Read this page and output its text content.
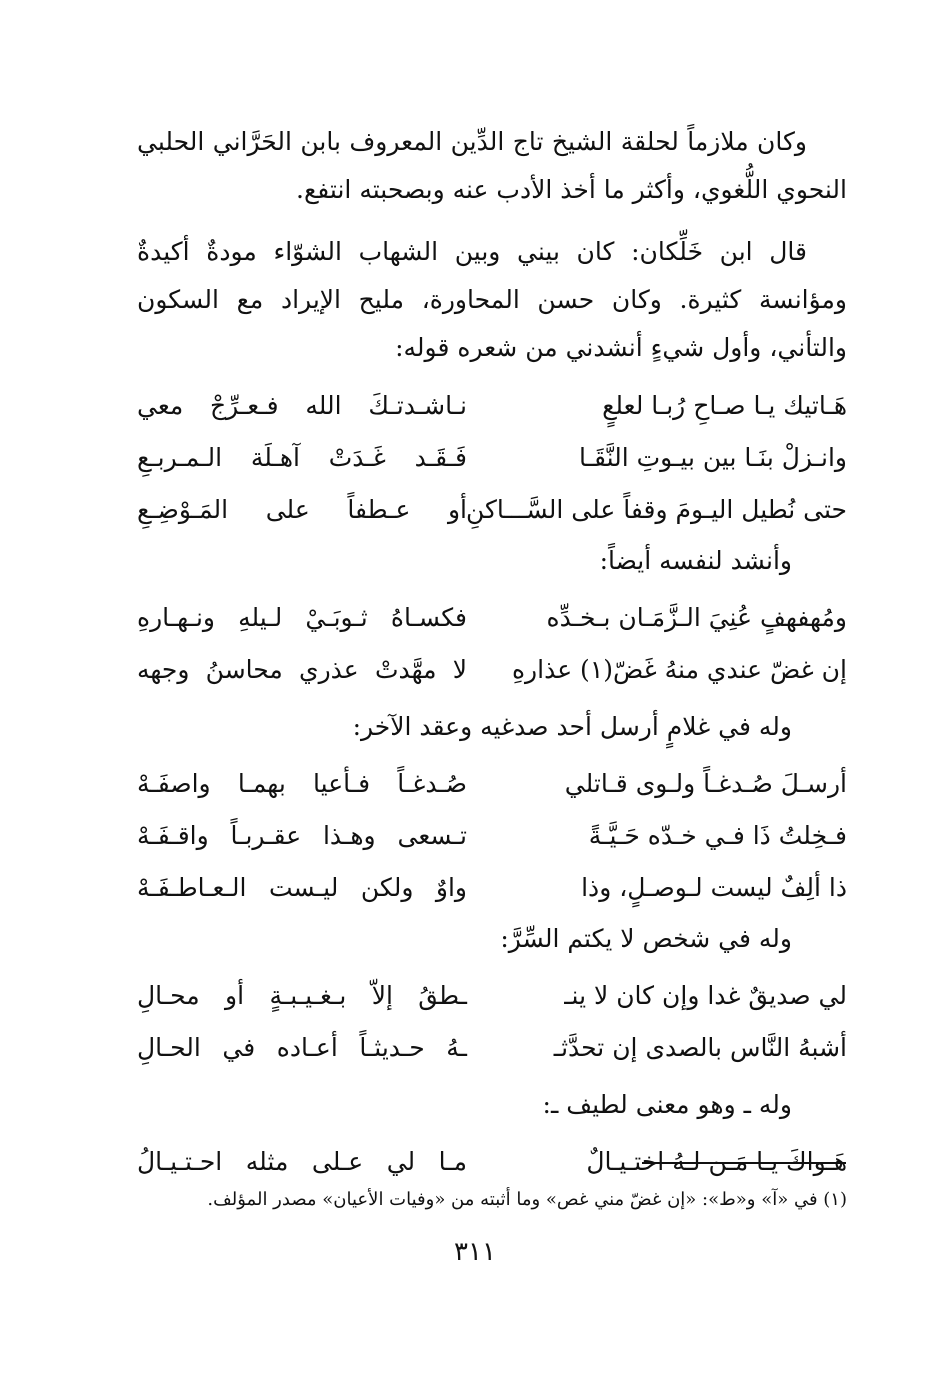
وكان ملازماً لحلقة الشيخ تاج الدِّين المعروف بابن الحَرَّاني الحلبي النحوي اللُّغوي، وأكثر ما أخذ الأدب عنه وبصحبته انتفع.

قال ابن خَلِّكان: كان بيني وبين الشهاب الشوّاء مودةٌ أكيدةٌ ومؤانسة كثيرة. وكان حسن المحاورة، مليح الإيراد مع السكون والتأني، وأول شيءٍ أنشدني من شعره قوله:

هَـاتيك يـا صـاحِ رُبـا لعلعٍ
نـاشـدتـكَ الله فـعـرِّجْ معي
وانـزلْ بنَـا بين بيـوتِ النَّقَـا
فَـقَـد غَـدَتْ آهـلَة الـمـربـعِ
حتى نُطيل اليـومَ وقفاً على السَّـــاكنِ
أو عـطفاً على المَـوْضِـعِ

وأنشد لنفسه أيضاً:

ومُهفهفٍ عُنِيَ الـزَّمَـان بـخـدِّه
فكسـاهُ ثـوبَـيْ لـيلهِ ونـهـارهِ
إن غضّ عندي منهُ غَضّ(١) عذارهِ
لا مهَّدتْ عذري محاسنُ وجهه

وله في غلامٍ أرسل أحد صدغيه وعقد الآخر:

أرسـلَ صُـدغـاً ولـوى قـاتلي
صُـدغـاً فـأعيا بهمـا واصفَـهْ
فـخِلتُ ذَا فـي خـدّه حَـيَّـةً
تـسعى وهـذا عقـربـاً واقـفَـهْ
ذا ألِفٌ ليست لـوصـلٍ، وذا
واوٌ ولكن ليـست الـعـاطـفَـهْ

وله في شخص لا يكتم السِّرَّ:

لي صديقٌ غدا وإن كان لا ينـ
ـطقُ إلاّ بـغـيـبـةٍ أو محـالِ
أشبهُ النَّاس بالصدى إن تحدَّثـ
ـهُ حـديثـاً أعـاده في الحـالِ

وله ـ وهو معنى لطيف ـ:

هَـواكَ يـا مَـن لـهُ اختـيـالٌ
مـا لي عـلى مثله احـتـيـالُ

(١) في «آ» و«ط»: «إن غضّ مني غص» وما أثبته من «وفيات الأعيان» مصدر المؤلف.

٣١١
